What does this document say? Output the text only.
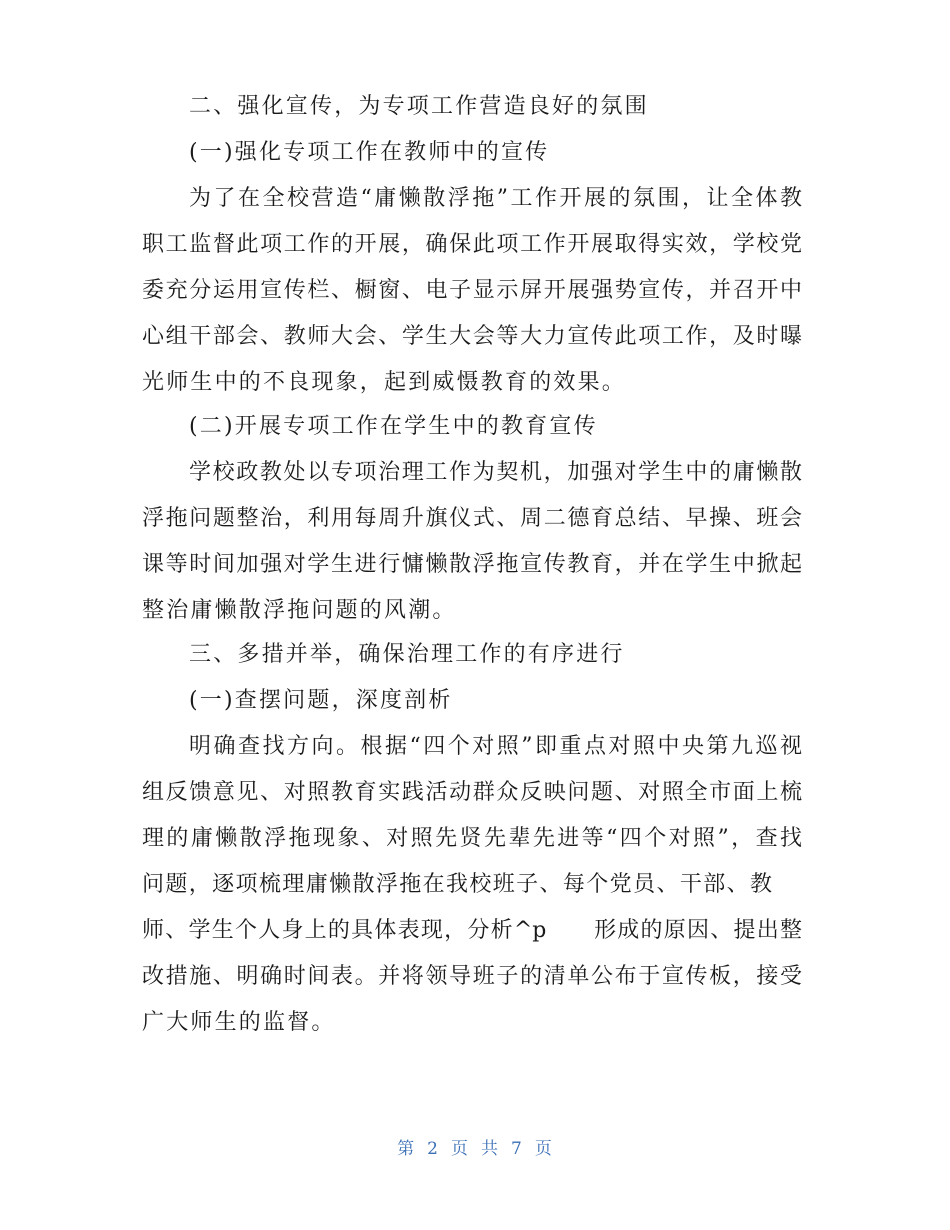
二、强化宣传，为专项工作营造良好的氛围
(一)强化专项工作在教师中的宣传
为了在全校营造“庸懒散浮拖”工作开展的氛围，让全体教
职工监督此项工作的开展，确保此项工作开展取得实效，学校党
委充分运用宣传栏、橱窗、电子显示屏开展强势宣传，并召开中
心组干部会、教师大会、学生大会等大力宣传此项工作，及时曝
光师生中的不良现象，起到威慑教育的效果。
(二)开展专项工作在学生中的教育宣传
学校政教处以专项治理工作为契机，加强对学生中的庸懒散
浮拖问题整治，利用每周升旗仪式、周二德育总结、早操、班会
课等时间加强对学生进行慵懒散浮拖宣传教育，并在学生中掀起
整治庸懒散浮拖问题的风潮。
三、多措并举，确保治理工作的有序进行
(一)查摆问题，深度剖析
明确查找方向。根据“四个对照”即重点对照中央第九巡视
组反馈意见、对照教育实践活动群众反映问题、对照全市面上梳
理的庸懒散浮拖现象、对照先贤先辈先进等“四个对照”，查找
问题，逐项梳理庸懒散浮拖在我校班子、每个党员、干部、教
师、学生个人身上的具体表现，分析^p　　形成的原因、提出整
改措施、明确时间表。并将领导班子的清单公布于宣传板，接受
广大师生的监督。
第 2 页 共 7 页
